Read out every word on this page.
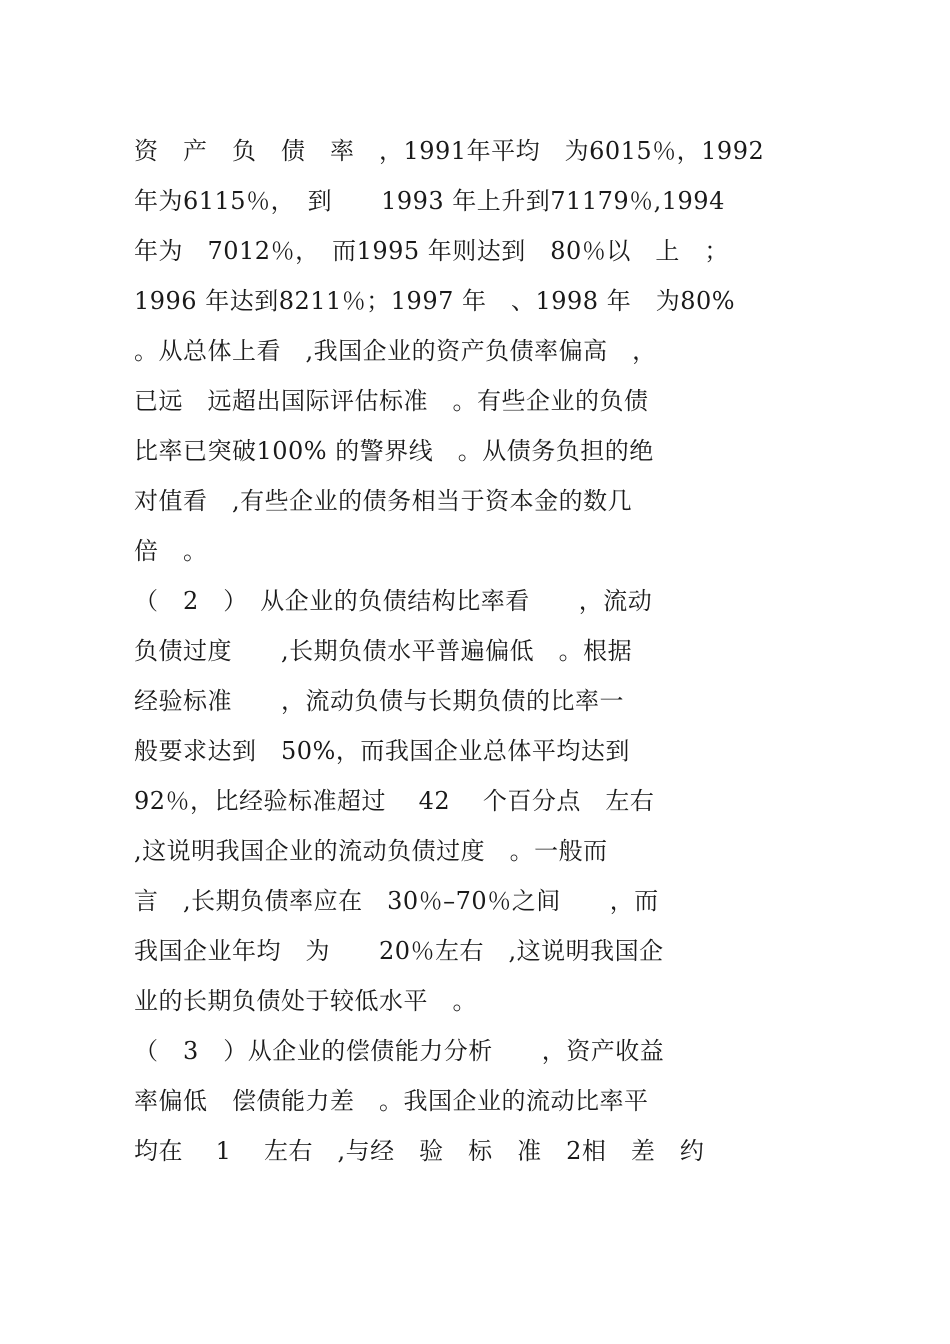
资　产　负　债　率　，1991年平均　为6015％，1992
年为6115％，　到　　1993 年上升到71179％,1994
年为　7012％，　而1995 年则达到　80％以　上　；
1996 年达到8211％；1997 年　、1998 年　为80%
。从总体上看　,我国企业的资产负债率偏高　，
已远　远超出国际评估标准　。有些企业的负债
比率已突破100% 的警界线　。从债务负担的绝
对值看　,有些企业的债务相当于资本金的数几
倍　。
（　2　）　从企业的负债结构比率看　　，流动
负债过度　　,长期负债水平普遍偏低　。根据
经验标准　　，流动负债与长期负债的比率一
般要求达到　50%，而我国企业总体平均达到
92％，比经验标准超过　 42　 个百分点　左右
,这说明我国企业的流动负债过度　。一般而
言　,长期负债率应在　30％–70％之间　　，而
我国企业年均　为　　20％左右　,这说明我国企
业的长期负债处于较低水平　。
（　3　）从企业的偿债能力分析　　，资产收益
率偏低　偿债能力差　。我国企业的流动比率平
均在　 1　 左右　,与经　验　标　准　2相　差　约
